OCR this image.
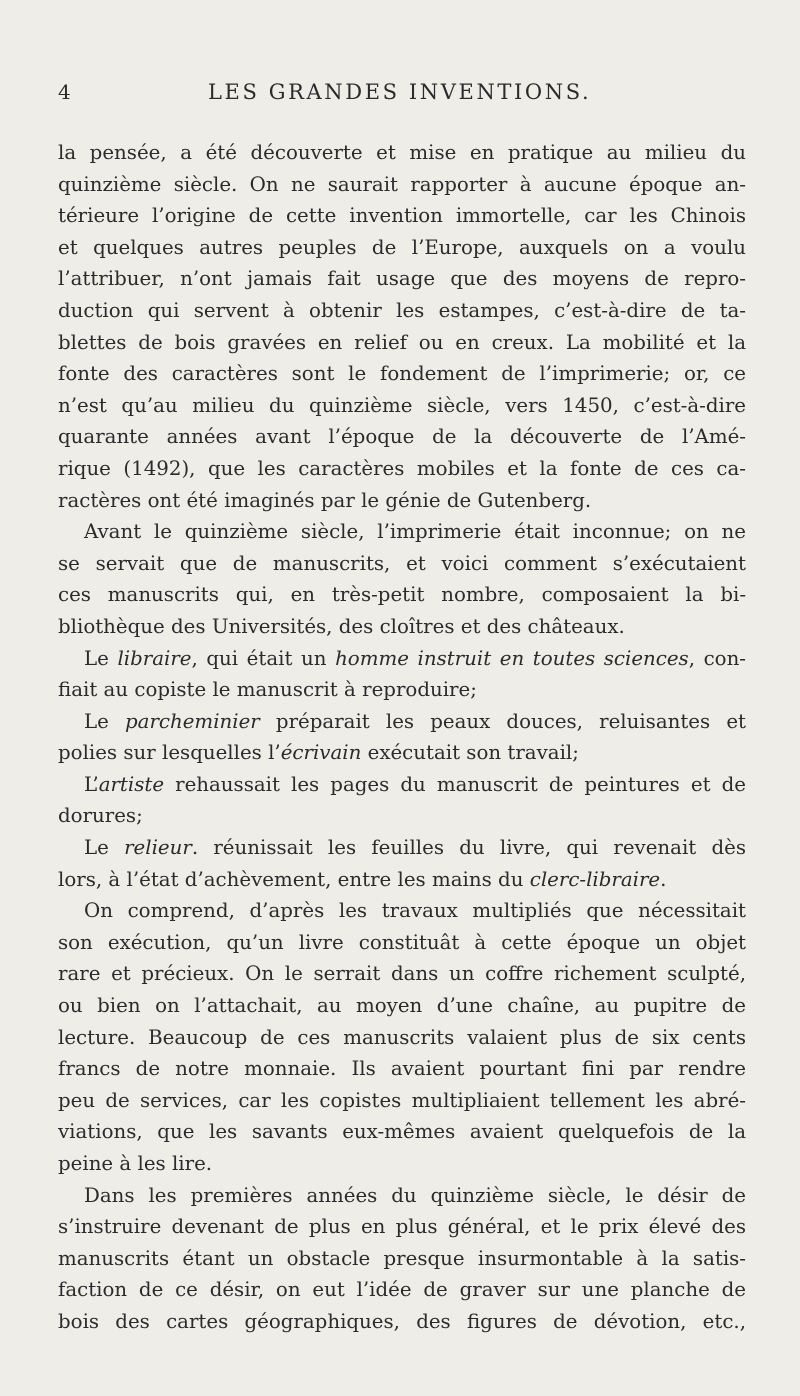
4	LES GRANDES INVENTIONS.
la pensée, a été découverte et mise en pratique au milieu du
quinzième siècle. On ne saurait rapporter à aucune époque an-
térieure l’origine de cette invention immortelle, car les Chinois
et quelques autres peuples de l’Europe, auxquels on a voulu
l’attribuer, n’ont jamais fait usage que des moyens de repro-
duction qui servent à obtenir les estampes, c’est-à-dire de ta-
blettes de bois gravées en relief ou en creux. La mobilité et la
fonte des caractères sont le fondement de l’imprimerie; or, ce
n’est qu’au milieu du quinzième siècle, vers 1450, c’est-à-dire
quarante années avant l’époque de la découverte de l’Amé-
rique (1492), que les caractères mobiles et la fonte de ces ca-
ractères ont été imaginés par le génie de Gutenberg.
Avant le quinzième siècle, l’imprimerie était inconnue; on ne
se servait que de manuscrits, et voici comment s’exécutaient
ces manuscrits qui, en très-petit nombre, composaient la bi-
bliothèque des Universités, des cloîtres et des châteaux.
Le libraire, qui était un homme instruit en toutes sciences, con-
fiait au copiste le manuscrit à reproduire;
Le parcheminier préparait les peaux douces, reluisantes et
polies sur lesquelles l’écrivain exécutait son travail;
L’artiste rehaussait les pages du manuscrit de peintures et de
dorures;
Le relieur. réunissait les feuilles du livre, qui revenait dès
lors, à l’état d’achèvement, entre les mains du clerc-libraire.
On comprend, d’après les travaux multipliés que nécessitait
son exécution, qu’un livre constituât à cette époque un objet
rare et précieux. On le serrait dans un coffre richement sculpté,
ou bien on l’attachait, au moyen d’une chaîne, au pupitre de
lecture. Beaucoup de ces manuscrits valaient plus de six cents
francs de notre monnaie. Ils avaient pourtant fini par rendre
peu de services, car les copistes multipliaient tellement les abré-
viations, que les savants eux-mêmes avaient quelquefois de la
peine à les lire.
Dans les premières années du quinzième siècle, le désir de
s’instruire devenant de plus en plus général, et le prix élevé des
manuscrits étant un obstacle presque insurmontable à la satis-
faction de ce désir, on eut l’idée de graver sur une planche de
bois des cartes géographiques, des figures de dévotion, etc.,
